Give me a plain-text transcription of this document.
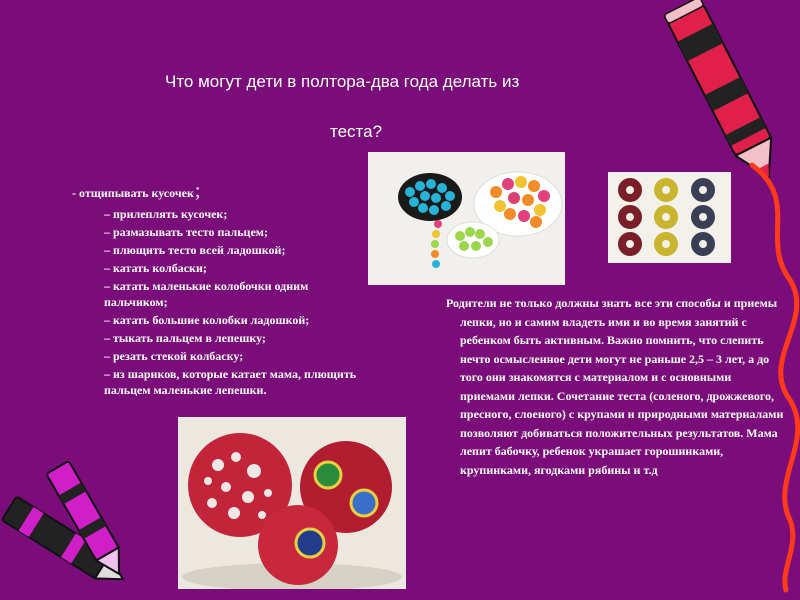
Что могут дети в полтора-два года делать из
теста?
- отщипывать кусочек;
– прилеплять кусочек;
– размазывать тесто пальцем;
– плющить тесто всей ладошкой;
– катать колбаски;
– катать маленькие колобочки одним пальчиком;
– катать большие колобки ладошкой;
– тыкать пальцем в лепешку;
– резать стекой колбаску;
– из шариков, которые катает мама, плющить пальцем маленькие лепешки.

Родители не только должны знать все эти способы и приемы лепки, но и самим владеть ими и во время занятий с ребенком быть активным. Важно помнить, что слепить нечто осмысленное дети могут не раньше 2,5 – 3 лет, а до того они знакомятся с материалом и с основными приемами лепки. Сочетание теста (соленого, дрожжевого, пресного, слоеного) с крупами и природными материалами позволяют добиваться положительных результатов. Мама лепит бабочку, ребенок украшает горошинками, крупинками, ягодками рябины и т.д
